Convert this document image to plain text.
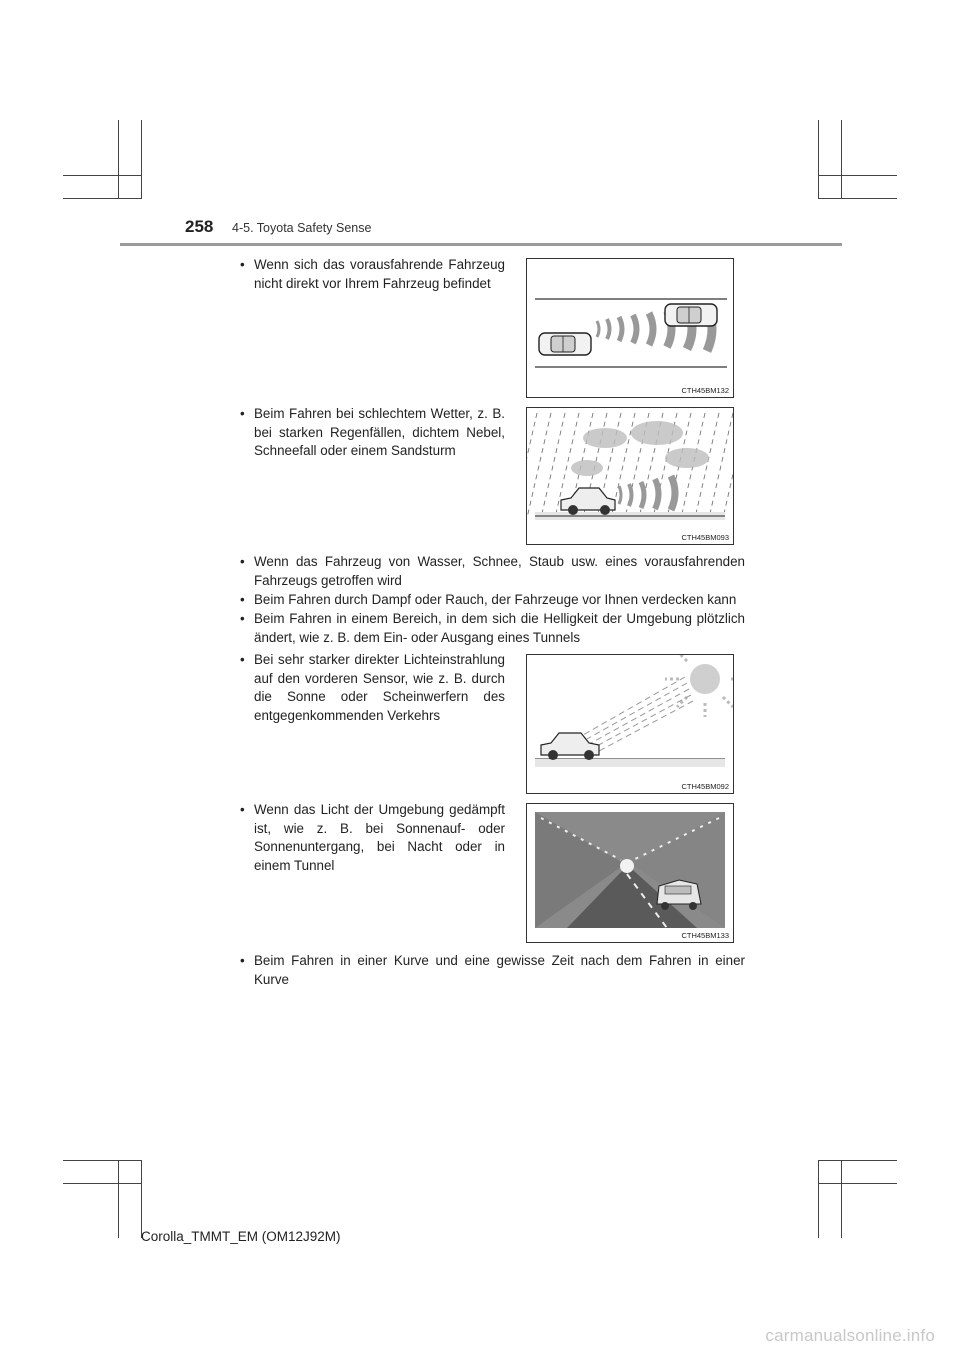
258 4-5. Toyota Safety Sense
• Wenn sich das vorausfahrende Fahrzeug nicht direkt vor Ihrem Fahrzeug befindet
CTH45BM132
• Beim Fahren bei schlechtem Wetter, z. B. bei starken Regenfällen, dichtem Nebel, Schneefall oder einem Sandsturm
CTH45BM093
• Wenn das Fahrzeug von Wasser, Schnee, Staub usw. eines vorausfahrenden Fahrzeugs getroffen wird
• Beim Fahren durch Dampf oder Rauch, der Fahrzeuge vor Ihnen verdecken kann
• Beim Fahren in einem Bereich, in dem sich die Helligkeit der Umgebung plötzlich ändert, wie z. B. dem Ein- oder Ausgang eines Tunnels
• Bei sehr starker direkter Lichteinstrahlung auf den vorderen Sensor, wie z. B. durch die Sonne oder Scheinwerfern des entgegenkommenden Verkehrs
CTH45BM092
• Wenn das Licht der Umgebung gedämpft ist, wie z. B. bei Sonnenauf- oder Sonnenuntergang, bei Nacht oder in einem Tunnel
CTH45BM133
• Beim Fahren in einer Kurve und eine gewisse Zeit nach dem Fahren in einer Kurve
Corolla_TMMT_EM (OM12J92M)
carmanualsonline.info
